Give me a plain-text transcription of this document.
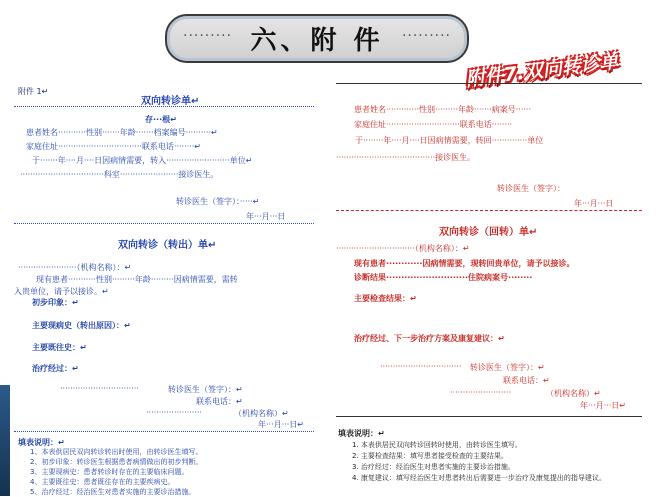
········· 六、附 件	·········
附件7.双向转诊单
附件 1↵
双向转诊单↵
存···根↵
患者姓名···········性别·······年龄·······档案编号··········↵
家庭住址·································联系电话········↵
于·······年····月····日因病情需要，转入·························单位↵
·································科室·······················接诊医生。
转诊医生（签字）：·····↵
年···月···日
双向转诊（转出）单↵
·······················（机构名称）：↵
现有患者···········性别·········年龄·········因病情需要，需转
入贵单位，请予以接诊。↵
初步印象：↵
主要现病史（转出原因）：↵
主要既往史：↵
治疗经过：↵
·······························	转诊医生（签字）：↵
联系电话：↵
······················	（机构名称）↵
年···月···日↵
填表说明：↵
1、本表供居民双向转诊转出时使用，由转诊医生填写。
2、初步印象：转诊医生根据患者病情做出的初步判断。
3、主要现病史：患者转诊时存在的主要临床问题。
4、主要既往史：患者既往存在的主要疾病史。
5、治疗经过：经治医生对患者实施的主要诊治措施。
患者姓名·············性别·········年龄·······病案号······
家庭住址·····························联系电话········
于········年····月····日因病情需要，转回··············单位
·······································接诊医生。
转诊医生（签字）：
年···月···日
双向转诊（回转）单↵
·······························（机构名称）：↵
现有患者············因病情需要，现转回贵单位，请予以接诊。
诊断结果···························住院病案号········
主要检查结果：↵
治疗经过、下一步治疗方案及康复建议：↵
································ 转诊医生（签字）：↵
联系电话：↵
························	（机构名称）↵
年···月···日↵
填表说明：↵
1. 本表供居民双向转诊回转时使用，由转诊医生填写。
2. 主要检查结果：填写患者接受检查的主要结果。
3. 治疗经过：经治医生对患者实施的主要诊治措施。
4. 康复建议：填写经治医生对患者转出后需要进一步治疗及康复提出的指导建议。
